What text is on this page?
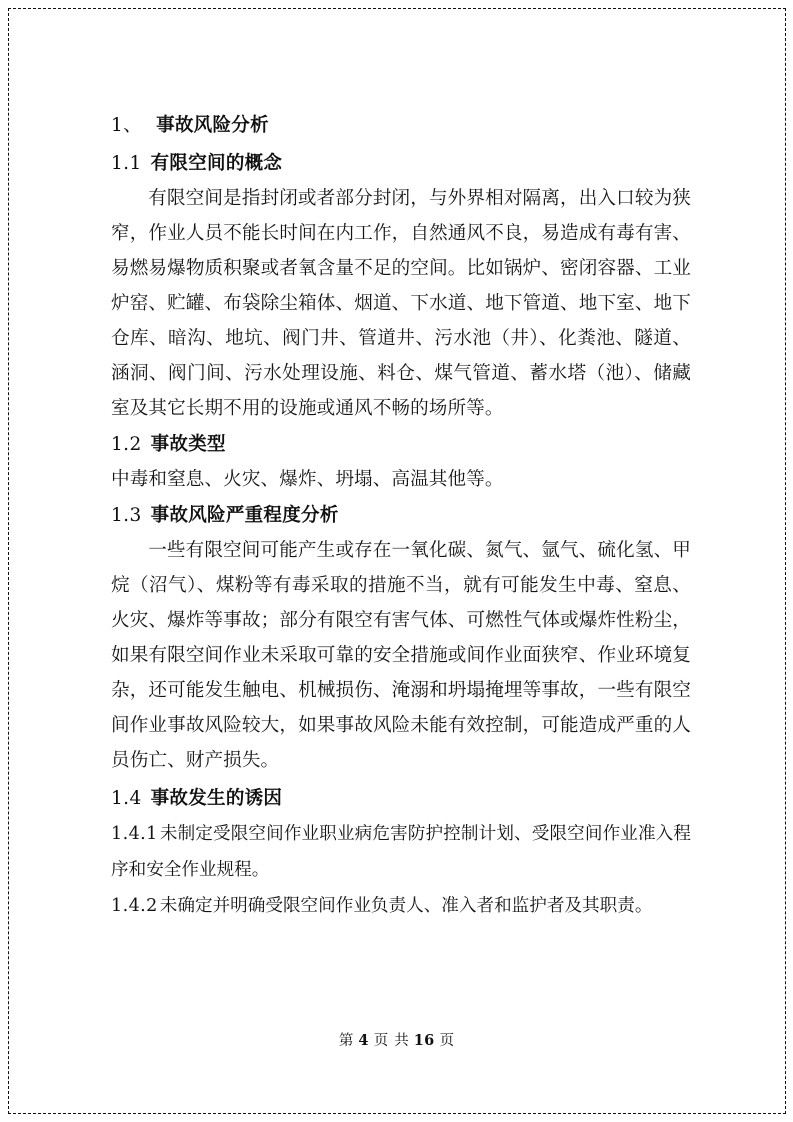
1、 事故风险分析
1.1 有限空间的概念

有限空间是指封闭或者部分封闭，与外界相对隔离，出入口较为狭窄，作业人员不能长时间在内工作，自然通风不良，易造成有毒有害、易燃易爆物质积聚或者氧含量不足的空间。比如锅炉、密闭容器、工业炉窑、贮罐、布袋除尘箱体、烟道、下水道、地下管道、地下室、地下仓库、暗沟、地坑、阀门井、管道井、污水池（井）、化粪池、隧道、涵洞、阀门间、污水处理设施、料仓、煤气管道、蓄水塔（池）、储藏室及其它长期不用的设施或通风不畅的场所等。

1.2 事故类型

中毒和窒息、火灾、爆炸、坍塌、高温其他等。

1.3 事故风险严重程度分析

一些有限空间可能产生或存在一氧化碳、氮气、氩气、硫化氢、甲烷（沼气）、煤粉等有毒采取的措施不当，就有可能发生中毒、窒息、火灾、爆炸等事故；部分有限空有害气体、可燃性气体或爆炸性粉尘，如果有限空间作业未采取可靠的安全措施或间作业面狭窄、作业环境复杂，还可能发生触电、机械损伤、淹溺和坍塌掩埋等事故，一些有限空间作业事故风险较大，如果事故风险未能有效控制，可能造成严重的人员伤亡、财产损失。

1.4 事故发生的诱因

1.4.1 未制定受限空间作业职业病危害防护控制计划、受限空间作业准入程序和安全作业规程。

1.4.2 未确定并明确受限空间作业负责人、准入者和监护者及其职责。

第 4 页 共 16 页
